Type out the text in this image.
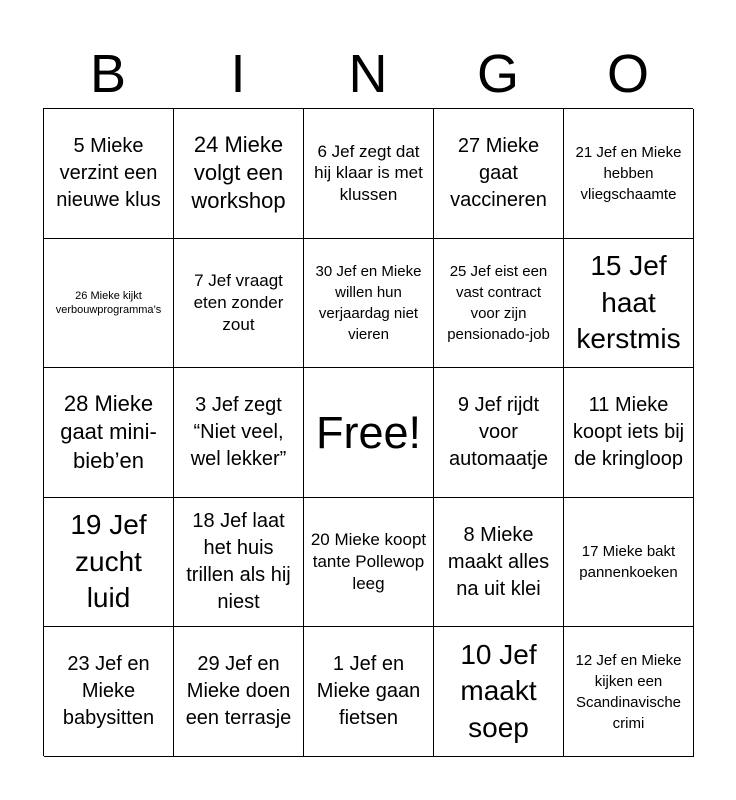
B	I	N	G	O
5 Mieke verzint een nieuwe klus
24 Mieke volgt een workshop
6 Jef zegt dat hij klaar is met klussen
27 Mieke gaat vaccineren
21 Jef en Mieke hebben vliegschaamte
26 Mieke kijkt verbouwprogramma’s
7 Jef vraagt eten zonder zout
30 Jef en Mieke willen hun verjaardag niet vieren
25 Jef eist een vast contract voor zijn pensionado-job
15 Jef haat kerstmis
28 Mieke gaat mini-bieb’en
3 Jef zegt “Niet veel, wel lekker”
Free!
9 Jef rijdt voor automaatje
11 Mieke koopt iets bij de kringloop
19 Jef zucht luid
18 Jef laat het huis trillen als hij niest
20 Mieke koopt tante Pollewop leeg
8 Mieke maakt alles na uit klei
17 Mieke bakt pannenkoeken
23 Jef en Mieke babysitten
29 Jef en Mieke doen een terrasje
1 Jef en Mieke gaan fietsen
10 Jef maakt soep
12 Jef en Mieke kijken een Scandinavische crimi
